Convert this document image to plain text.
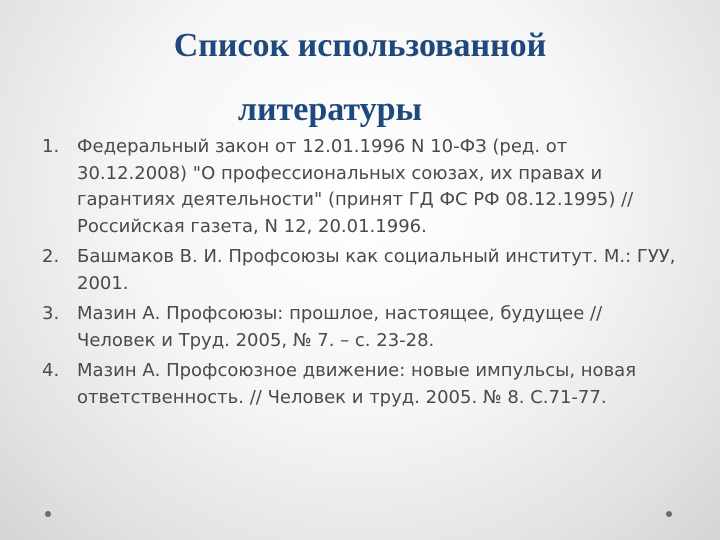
Список использованной
литературы
1. Федеральный закон от 12.01.1996 N 10-ФЗ (ред. от 30.12.2008) "О профессиональных союзах, их правах и гарантиях деятельности" (принят ГД ФС РФ 08.12.1995) // Российская газета, N 12, 20.01.1996.
2. Башмаков В. И. Профсоюзы как социальный институт. М.: ГУУ, 2001.
3. Мазин А. Профсоюзы: прошлое, настоящее, будущее // Человек и Труд. 2005, № 7. – с. 23-28.
4. Мазин А. Профсоюзное движение: новые импульсы, новая ответственность. // Человек и труд. 2005. № 8. С.71-77.
